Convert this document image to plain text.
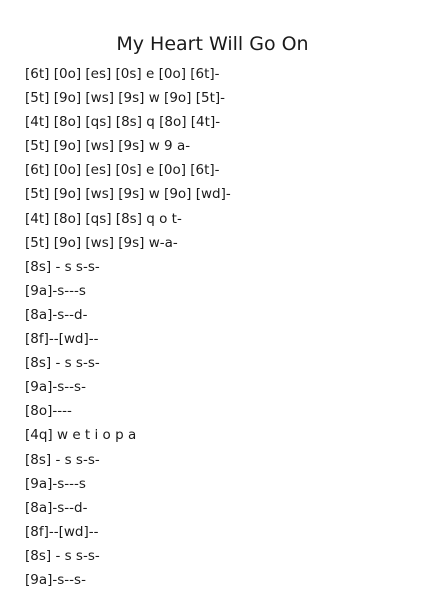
My Heart Will Go On
[6t] [0o] [es] [0s] e [0o] [6t]-
[5t] [9o] [ws] [9s] w [9o] [5t]-
[4t] [8o] [qs] [8s] q [8o] [4t]-
[5t] [9o] [ws] [9s] w 9 a-
[6t] [0o] [es] [0s] e [0o] [6t]-
[5t] [9o] [ws] [9s] w [9o] [wd]-
[4t] [8o] [qs] [8s] q o t-
[5t] [9o] [ws] [9s] w-a-
[8s] - s s-s-
[9a]-s---s
[8a]-s--d-
[8f]--[wd]--
[8s] - s s-s-
[9a]-s--s-
[8o]----
[4q] w e t i o p a
[8s] - s s-s-
[9a]-s---s
[8a]-s--d-
[8f]--[wd]--
[8s] - s s-s-
[9a]-s--s-
